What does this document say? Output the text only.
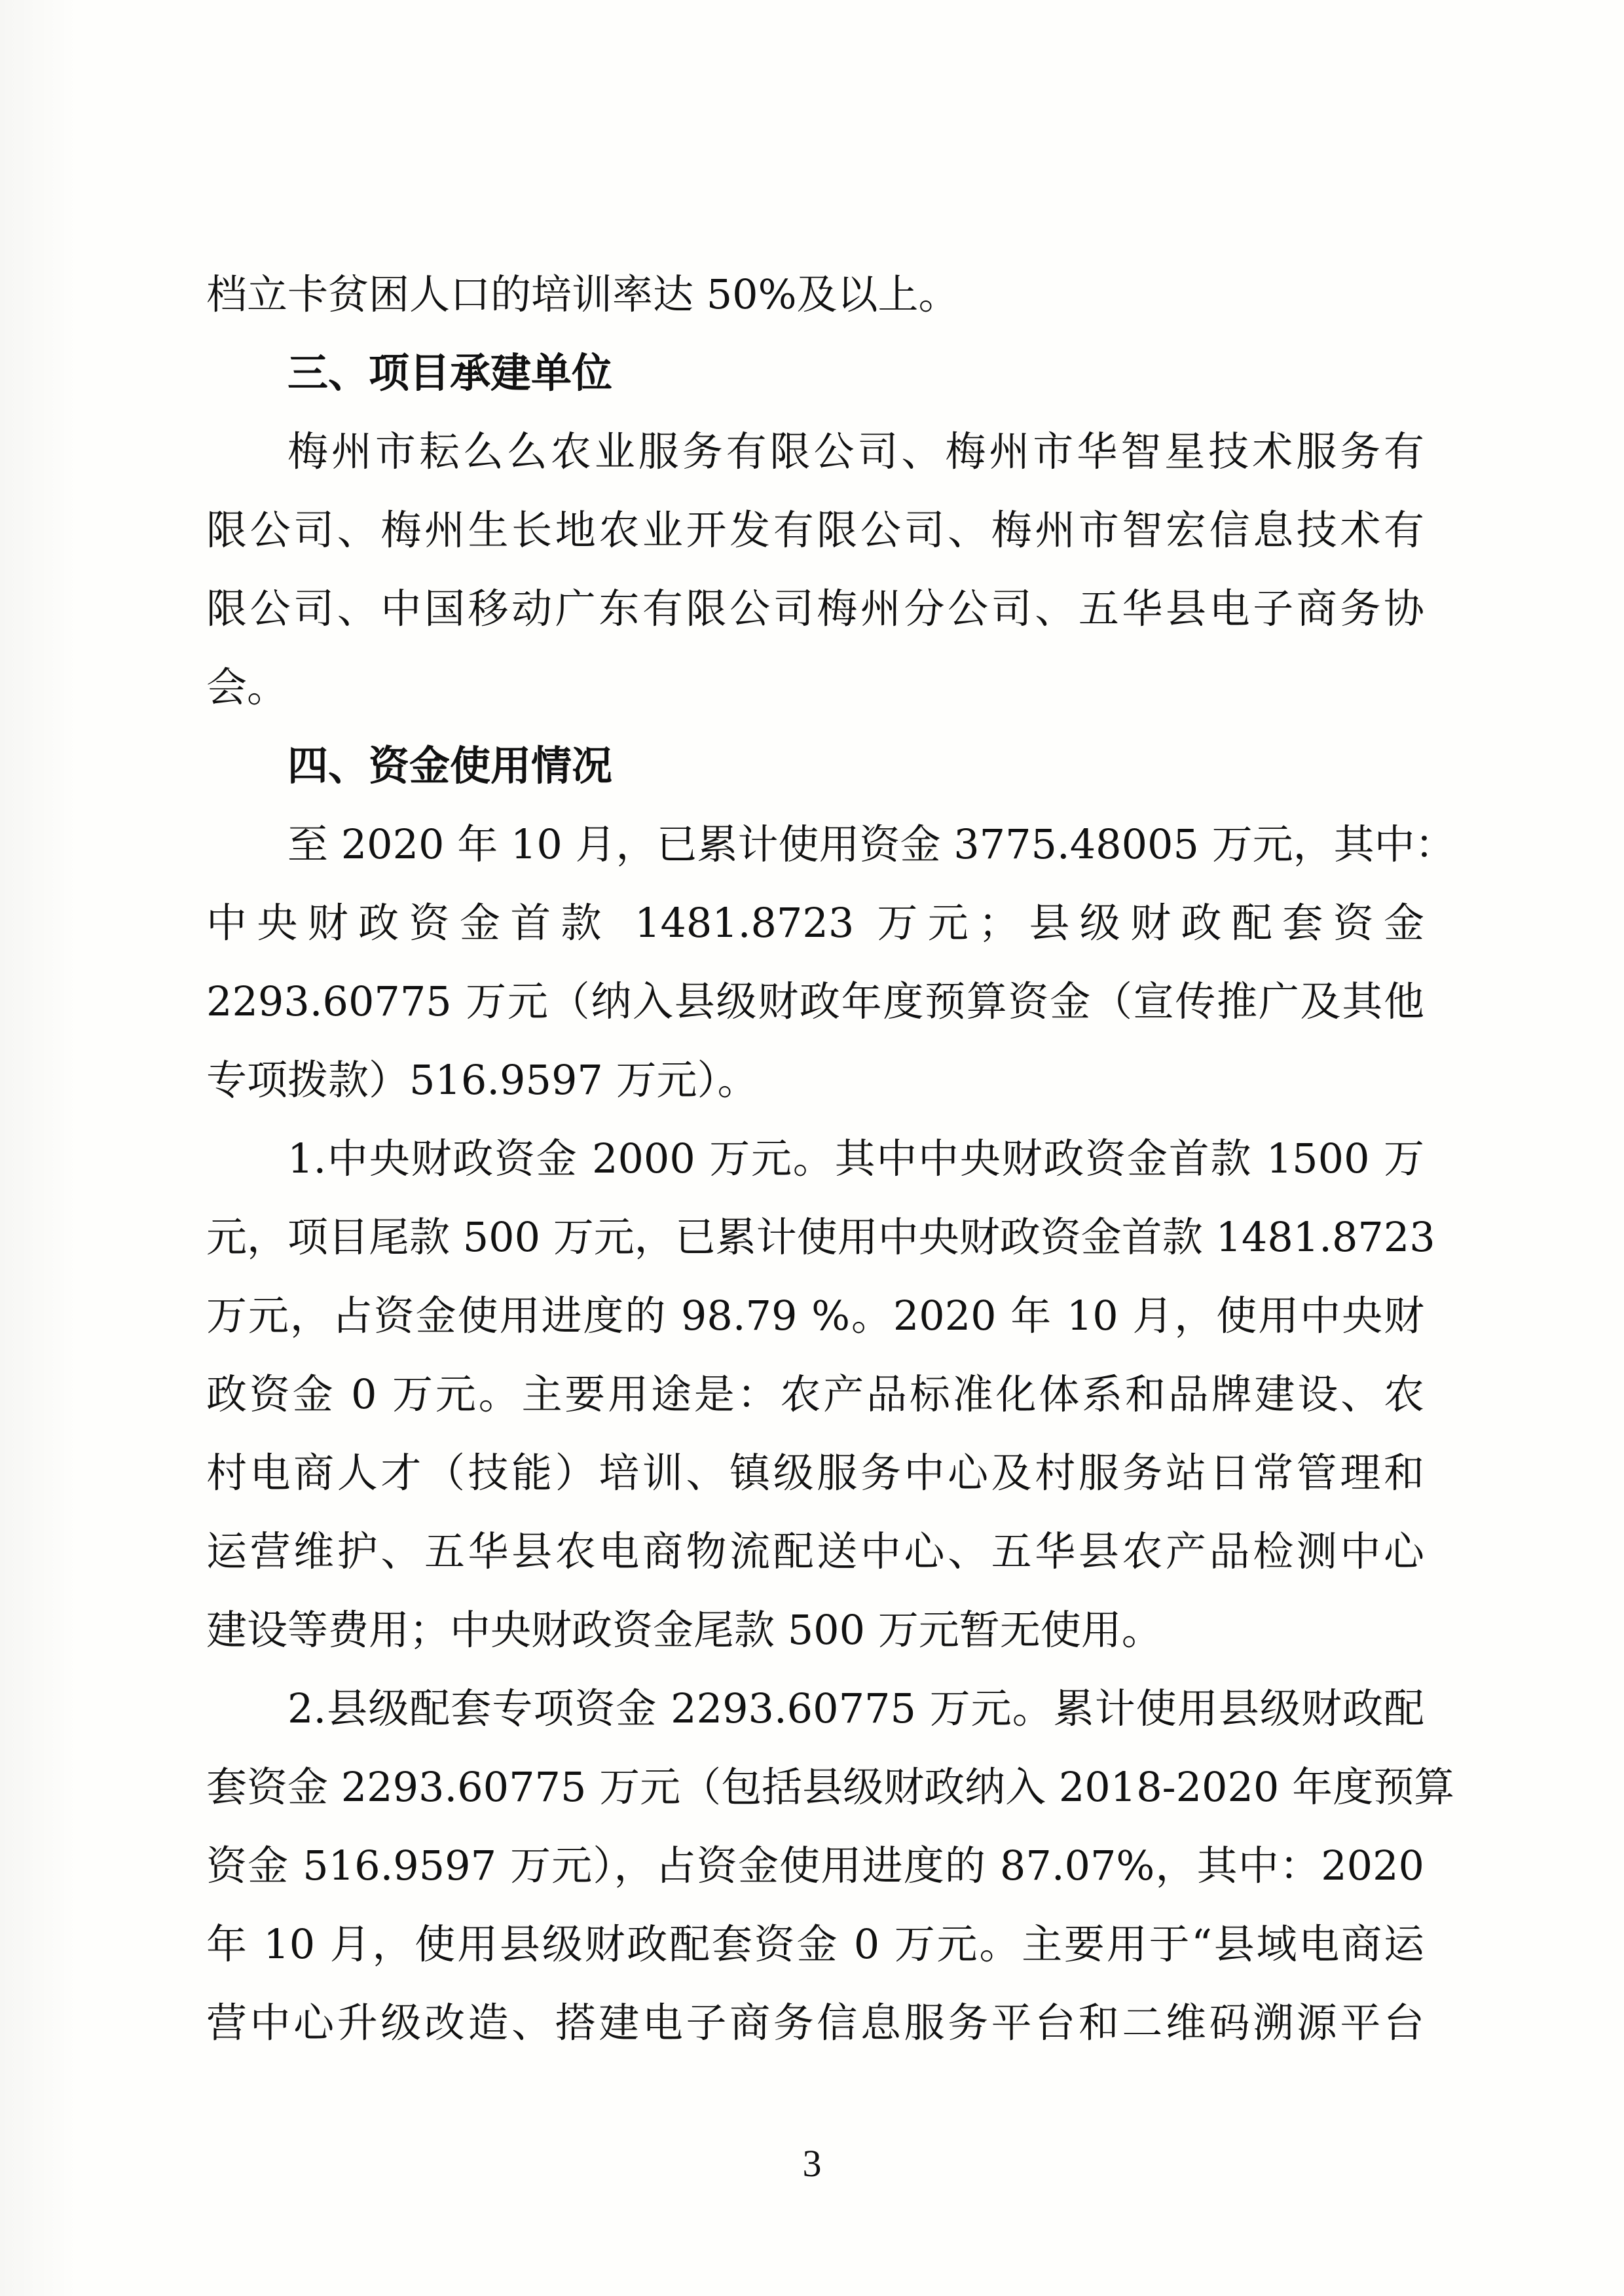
档立卡贫困人口的培训率达 50%及以上。
三、项目承建单位
梅州市耘么么农业服务有限公司、梅州市华智星技术服务有
限公司、梅州生长地农业开发有限公司、梅州市智宏信息技术有
限公司、中国移动广东有限公司梅州分公司、五华县电子商务协
会。
四、资金使用情况
至 2020 年 10 月，已累计使用资金 3775.48005 万元，其中：
中央财政资金首款 1481.8723 万元；县级财政配套资金
2293.60775 万元（纳入县级财政年度预算资金（宣传推广及其他
专项拨款）516.9597 万元）。
1.中央财政资金 2000 万元。其中中央财政资金首款 1500 万
元，项目尾款 500 万元，已累计使用中央财政资金首款 1481.8723
万元，占资金使用进度的 98.79 %。2020 年 10 月，使用中央财
政资金 0 万元。主要用途是：农产品标准化体系和品牌建设、农
村电商人才（技能）培训、镇级服务中心及村服务站日常管理和
运营维护、五华县农电商物流配送中心、五华县农产品检测中心
建设等费用；中央财政资金尾款 500 万元暂无使用。
2.县级配套专项资金 2293.60775 万元。累计使用县级财政配
套资金 2293.60775 万元（包括县级财政纳入 2018-2020 年度预算
资金 516.9597 万元），占资金使用进度的 87.07%，其中：2020
年 10 月，使用县级财政配套资金 0 万元。主要用于“县域电商运
营中心升级改造、搭建电子商务信息服务平台和二维码溯源平台
3
